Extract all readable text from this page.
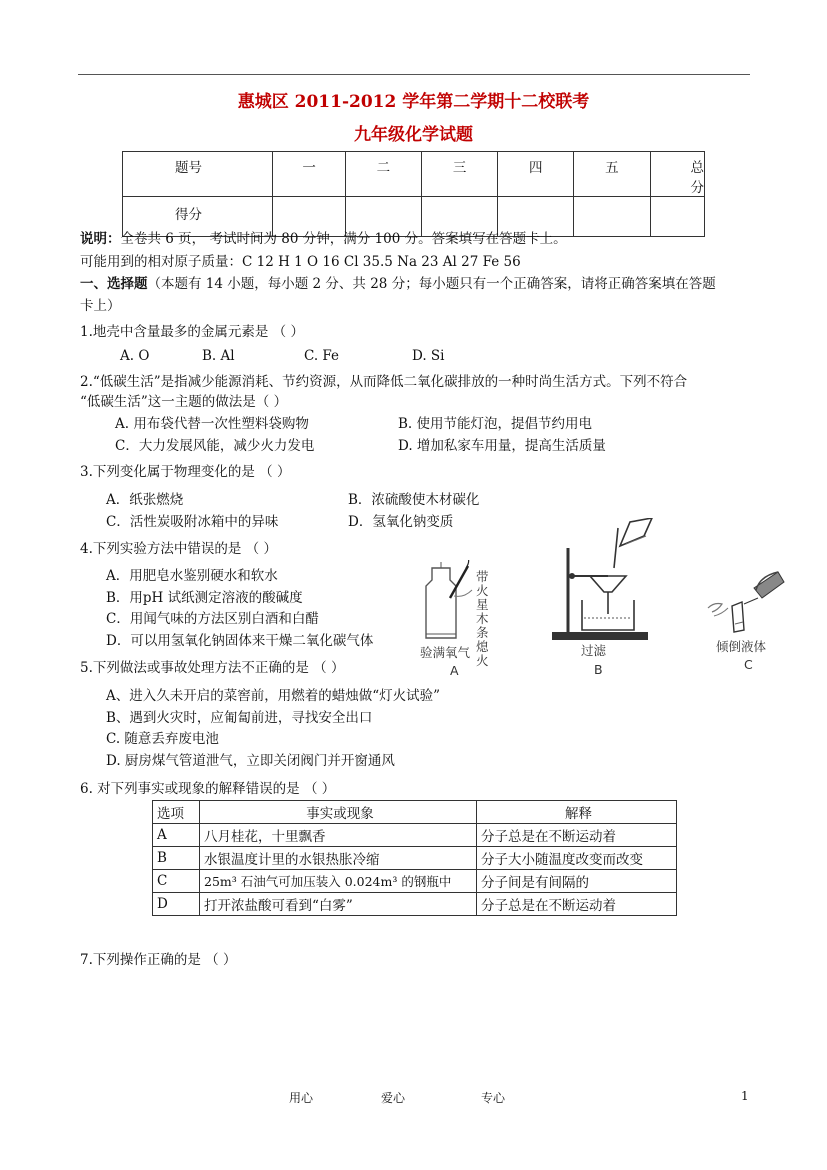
惠城区 2011-2012 学年第二学期十二校联考
九年级化学试题
题号	一	二	三	四	五	总分
得分						
说明：全卷共 6 页， 考试时间为 80 分钟，满分 100 分。答案填写在答题卡上。
可能用到的相对原子质量：C 12 H 1 O 16 Cl 35.5 Na 23 Al 27 Fe 56
一、选择题（本题有 14 小题，每小题 2 分、共 28 分；每小题只有一个正确答案，请将正确答案填在答题
卡上）
1.地壳中含量最多的金属元素是 （ ）
A. O	B. Al	C. Fe	D. Si
2.“低碳生活”是指减少能源消耗、节约资源，从而降低二氧化碳排放的一种时尚生活方式。下列不符合
“低碳生活”这一主题的做法是（ ）
A. 用布袋代替一次性塑料袋购物	B. 使用节能灯泡，提倡节约用电
C．大力发展风能，减少火力发电	D. 增加私家车用量，提高生活质量
3.下列变化属于物理变化的是 （ ）
A．纸张燃烧	B．浓硫酸使木材碳化
C．活性炭吸附冰箱中的异味	D．氢氧化钠变质
4.下列实验方法中错误的是 （ ）
A．用肥皂水鉴别硬水和软水
B．用pH 试纸测定溶液的酸碱度
C．用闻气味的方法区别白酒和白醋
D．可以用氢氧化钠固体来干燥二氧化碳气体
带火星木条熄火
验满氧气
A
过滤
B
倾倒液体
C
5.下列做法或事故处理方法不正确的是 （ ）
A、进入久未开启的菜窖前，用燃着的蜡烛做“灯火试验”
B、遇到火灾时，应匍匐前进，寻找安全出口
C. 随意丢弃废电池
D. 厨房煤气管道泄气，立即关闭阀门并开窗通风
6. 对下列事实或现象的解释错误的是 （ ）
选项	事实或现象	解释
A	八月桂花，十里飘香	分子总是在不断运动着
B	水银温度计里的水银热胀冷缩	分子大小随温度改变而改变
C	25m³ 石油气可加压装入 0.024m³ 的钢瓶中	分子间是有间隔的
D	打开浓盐酸可看到“白雾”	分子总是在不断运动着
7.下列操作正确的是 （ ）
用心	爱心	专心	1
